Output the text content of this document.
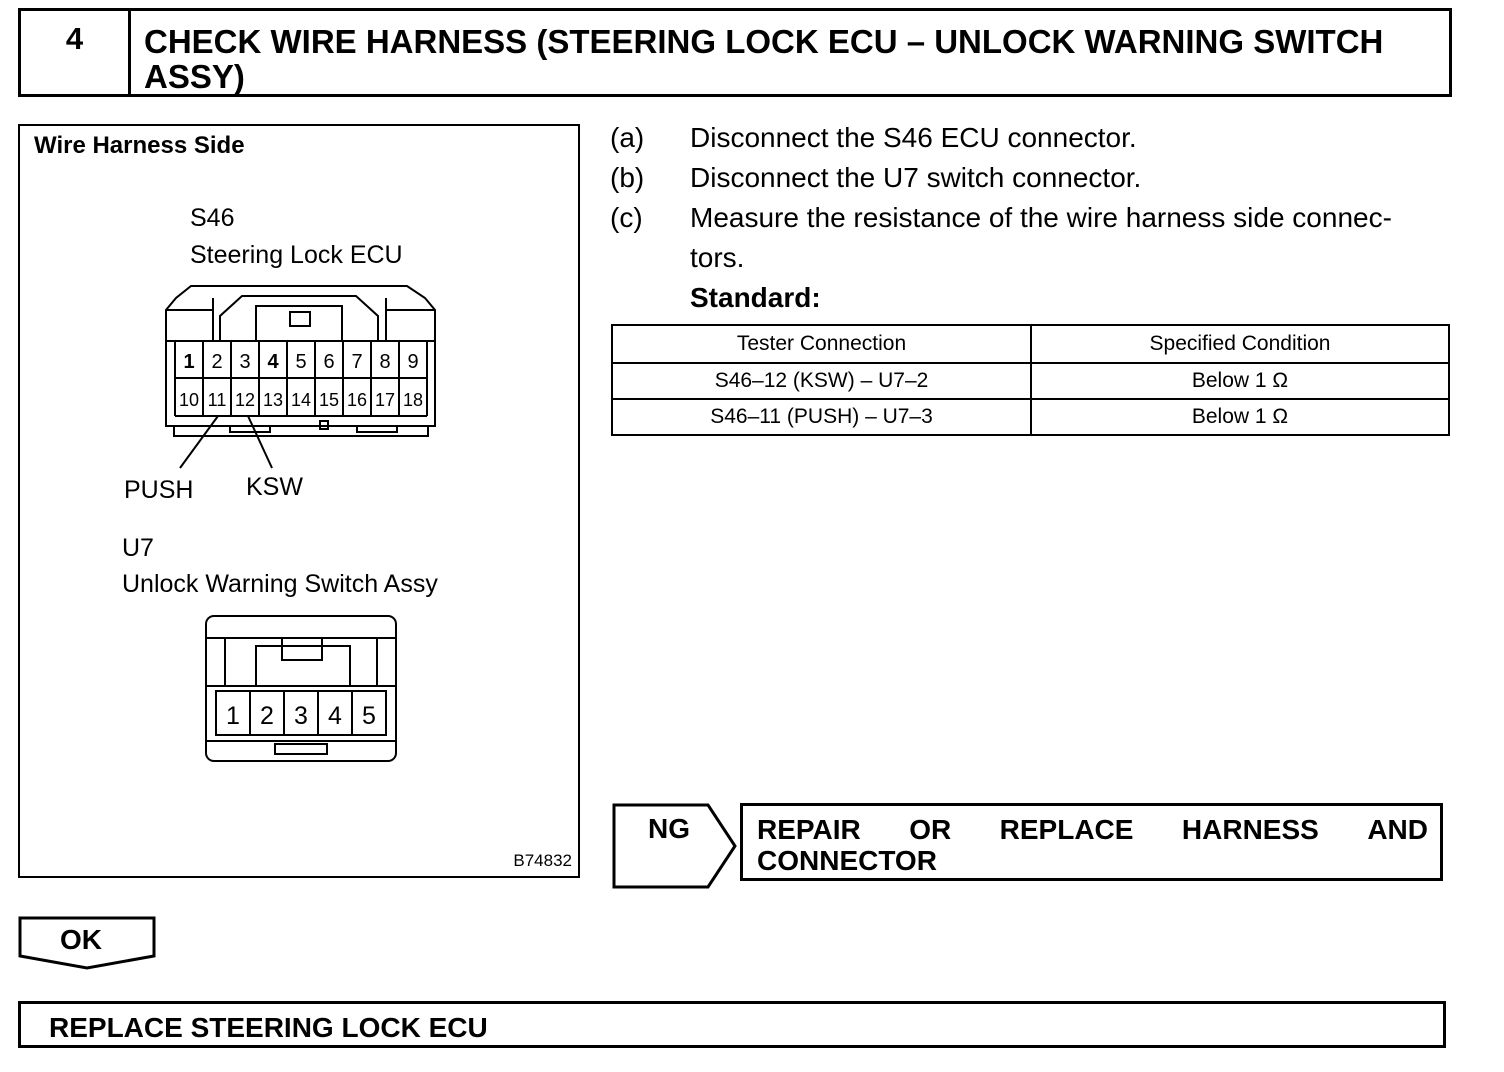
4	CHECK WIRE HARNESS (STEERING LOCK ECU – UNLOCK WARNING SWITCH ASSY)
Wire Harness Side
S46
Steering Lock ECU
1 2 3 4 5 6 7 8 9
10 11 12 13 14 15 16 17 18
1 2 3 4 5
PUSH KSW
U7
Unlock Warning Switch Assy
B74832
(a)	Disconnect the S46 ECU connector.
(b)	Disconnect the U7 switch connector.
(c)	Measure the resistance of the wire harness side connec-
tors.
Standard:
Tester Connection	Specified Condition
S46–12 (KSW) – U7–2	Below 1 Ω
S46–11 (PUSH) – U7–3	Below 1 Ω
NG REPAIR OR REPLACE HARNESS AND
CONNECTOR
OK
REPLACE STEERING LOCK ECU
